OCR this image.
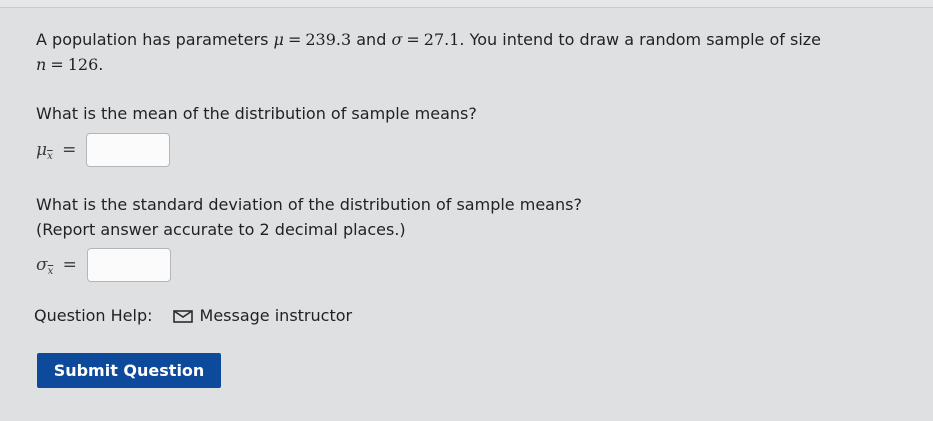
A population has parameters μ = 239.3 and σ = 27.1. You intend to draw a random sample of size
n = 126.
What is the mean of the distribution of sample means?
$\mu_{\overline{x}}$ =
What is the standard deviation of the distribution of sample means?
(Report answer accurate to 2 decimal places.)
$\sigma_{\overline{x}}$ =
Question Help:	Message instructor
Submit Question
